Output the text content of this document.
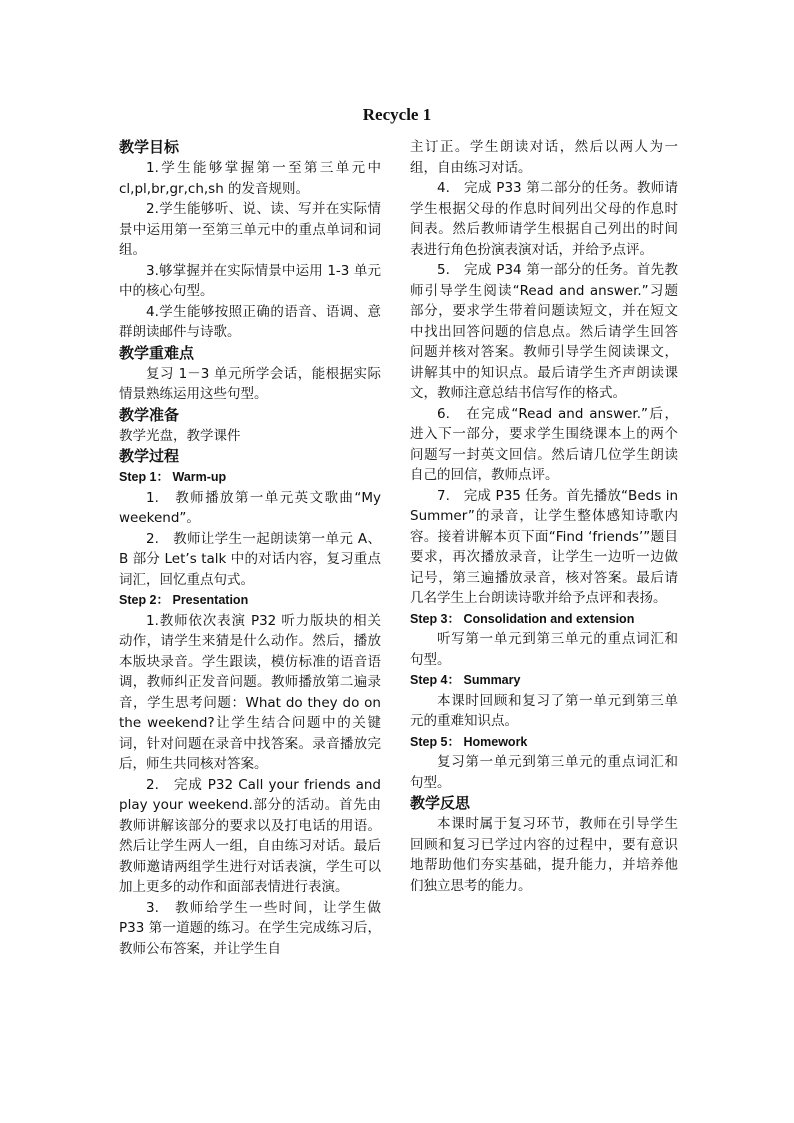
Recycle 1

教学目标

1.学生能够掌握第一至第三单元中 cl,pl,br,gr,ch,sh 的发音规则。

2.学生能够听、说、读、写并在实际情景中运用第一至第三单元中的重点单词和词组。

3.够掌握并在实际情景中运用 1-3 单元中的核心句型。

4.学生能够按照正确的语音、语调、意群朗读邮件与诗歌。

教学重难点

复习 1－3 单元所学会话，能根据实际情景熟练运用这些句型。

教学准备

教学光盘，教学课件

教学过程

Step 1： Warm-up

1.　教师播放第一单元英文歌曲“My weekend”。

2.　教师让学生一起朗读第一单元 A、B 部分 Let’s talk 中的对话内容，复习重点词汇，回忆重点句式。

Step 2： Presentation

1.教师依次表演 P32 听力版块的相关动作，请学生来猜是什么动作。然后，播放本版块录音。学生跟读，模仿标准的语音语调，教师纠正发音问题。教师播放第二遍录音，学生思考问题：What do they do on the weekend?让学生结合问题中的关键词，针对问题在录音中找答案。录音播放完后，师生共同核对答案。

2.　完成 P32 Call your friends and play your weekend.部分的活动。首先由教师讲解该部分的要求以及打电话的用语。然后让学生两人一组，自由练习对话。最后教师邀请两组学生进行对话表演，学生可以加上更多的动作和面部表情进行表演。

3.　教师给学生一些时间，让学生做 P33 第一道题的练习。在学生完成练习后，教师公布答案，并让学生自

主订正。学生朗读对话，然后以两人为一组，自由练习对话。

4.　完成 P33 第二部分的任务。教师请学生根据父母的作息时间列出父母的作息时间表。然后教师请学生根据自己列出的时间表进行角色扮演表演对话，并给予点评。

5.　完成 P34 第一部分的任务。首先教师引导学生阅读“Read and answer.”习题部分，要求学生带着问题读短文，并在短文中找出回答问题的信息点。然后请学生回答问题并核对答案。教师引导学生阅读课文，讲解其中的知识点。最后请学生齐声朗读课文，教师注意总结书信写作的格式。

6.　在完成“Read and answer.”后，进入下一部分，要求学生围绕课本上的两个问题写一封英文回信。然后请几位学生朗读自己的回信，教师点评。

7.　完成 P35 任务。首先播放“Beds in Summer”的录音，让学生整体感知诗歌内容。接着讲解本页下面“Find ‘friends’”题目要求，再次播放录音，让学生一边听一边做记号，第三遍播放录音，核对答案。最后请几名学生上台朗读诗歌并给予点评和表扬。

Step 3： Consolidation and extension

听写第一单元到第三单元的重点词汇和句型。

Step 4： Summary

本课时回顾和复习了第一单元到第三单元的重难知识点。

Step 5： Homework

复习第一单元到第三单元的重点词汇和句型。

教学反思

本课时属于复习环节，教师在引导学生回顾和复习已学过内容的过程中，要有意识地帮助他们夯实基础，提升能力，并培养他们独立思考的能力。
